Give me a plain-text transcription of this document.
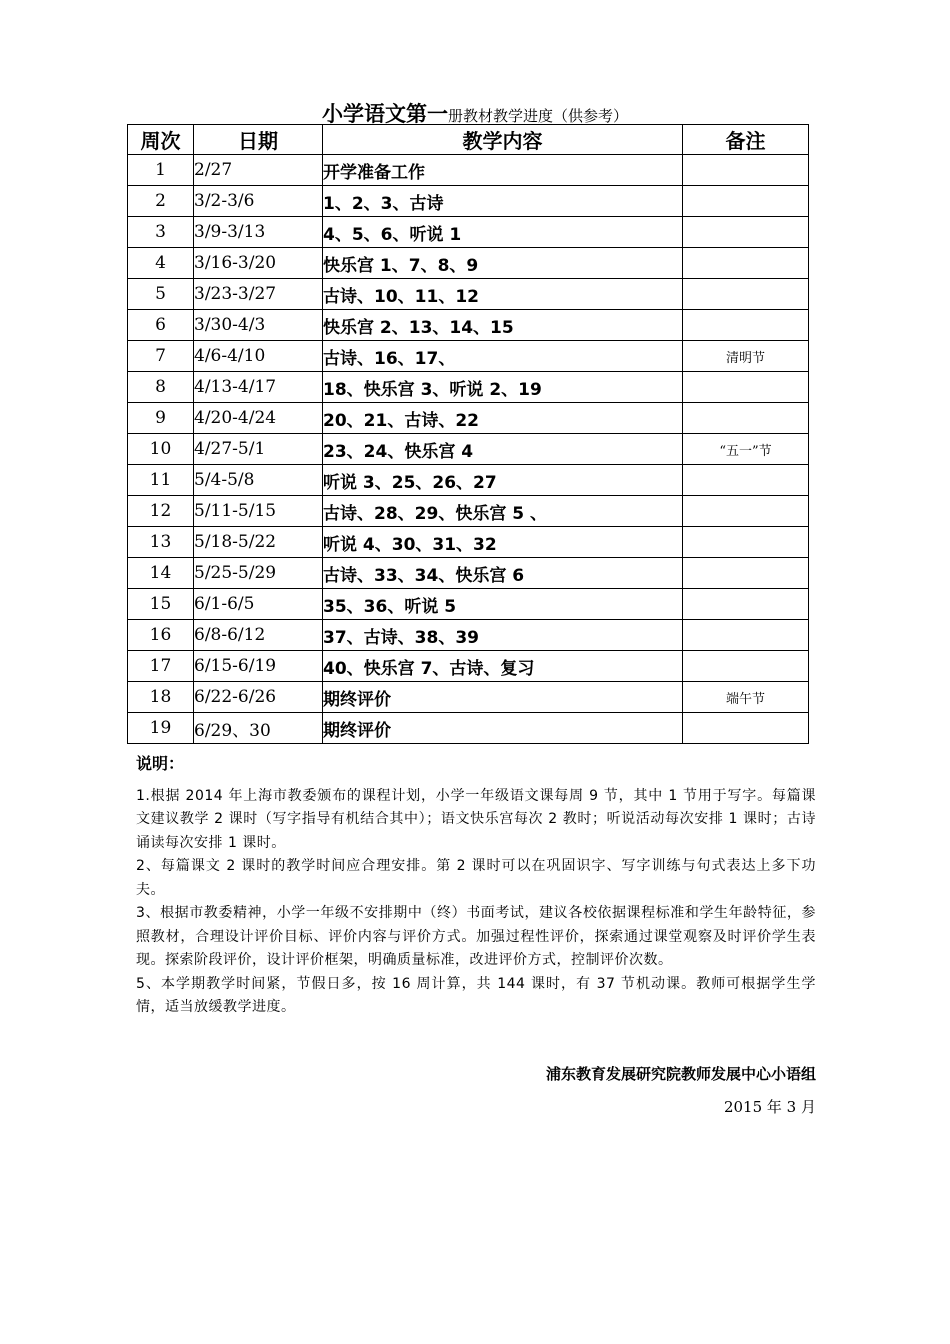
小学语文第一册教材教学进度（供参考）
周次	日期	教学内容	备注
1	2/27	开学准备工作	
2	3/2-3/6	1、2、3、古诗	
3	3/9-3/13	4、5、6、听说 1	
4	3/16-3/20	快乐宫 1、7、8、9	
5	3/23-3/27	古诗、10、11、12	
6	3/30-4/3	快乐宫 2、13、14、15	
7	4/6-4/10	古诗、16、17、	清明节
8	4/13-4/17	18、快乐宫 3、听说 2、19	
9	4/20-4/24	20、21、古诗、22	
10	4/27-5/1	23、24、快乐宫 4	“五一”节
11	5/4-5/8	听说 3、25、26、27	
12	5/11-5/15	古诗、28、29、快乐宫 5 、	
13	5/18-5/22	听说 4、30、31、32	
14	5/25-5/29	古诗、33、34、快乐宫 6	
15	6/1-6/5	35、36、听说 5	
16	6/8-6/12	37、古诗、38、39	
17	6/15-6/19	40、快乐宫 7、古诗、复习	
18	6/22-6/26	期终评价	端午节
19	6/29、30	期终评价	
说明：

1.根据 2014 年上海市教委颁布的课程计划，小学一年级语文课每周 9 节，其中 1 节用于写字。每篇课文建议教学 2 课时（写字指导有机结合其中）；语文快乐宫每次 2 教时；听说活动每次安排 1 课时；古诗诵读每次安排 1 课时。

2、每篇课文 2 课时的教学时间应合理安排。第 2 课时可以在巩固识字、写字训练与句式表达上多下功夫。

3、根据市教委精神，小学一年级不安排期中（终）书面考试，建议各校依据课程标准和学生年龄特征，参照教材，合理设计评价目标、评价内容与评价方式。加强过程性评价，探索通过课堂观察及时评价学生表现。探索阶段评价，设计评价框架，明确质量标准，改进评价方式，控制评价次数。

5、本学期教学时间紧，节假日多，按 16 周计算，共 144 课时，有 37 节机动课。教师可根据学生学情，适当放缓教学进度。

浦东教育发展研究院教师发展中心小语组
2015 年 3 月
